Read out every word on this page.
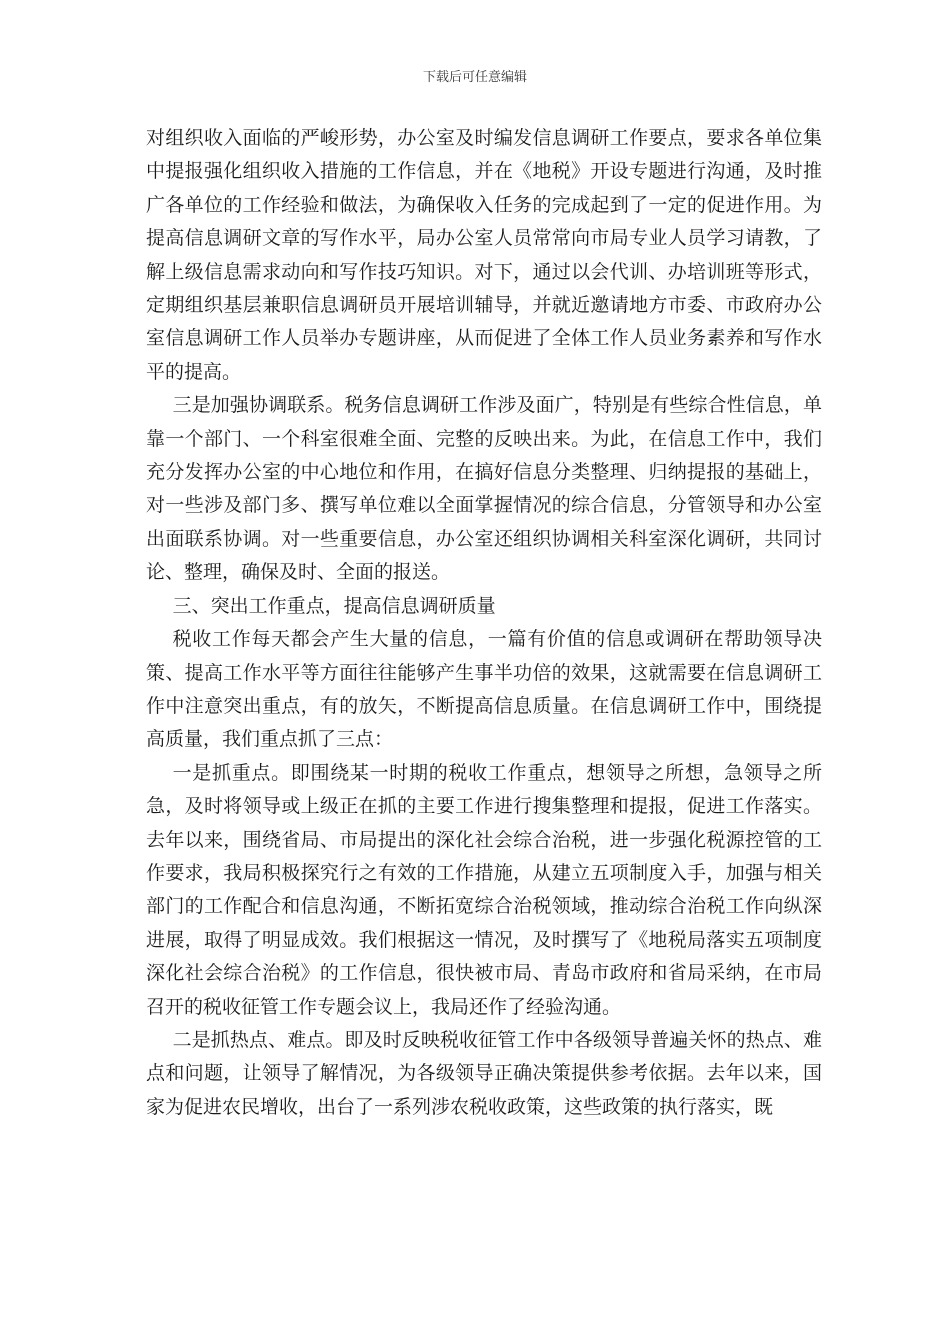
下载后可任意编辑

对组织收入面临的严峻形势，办公室及时编发信息调研工作要点，要求各单位集中提报强化组织收入措施的工作信息，并在《地税》开设专题进行沟通，及时推广各单位的工作经验和做法，为确保收入任务的完成起到了一定的促进作用。为提高信息调研文章的写作水平，局办公室人员常常向市局专业人员学习请教，了解上级信息需求动向和写作技巧知识。对下，通过以会代训、办培训班等形式，定期组织基层兼职信息调研员开展培训辅导，并就近邀请地方市委、市政府办公室信息调研工作人员举办专题讲座，从而促进了全体工作人员业务素养和写作水平的提高。

三是加强协调联系。税务信息调研工作涉及面广，特别是有些综合性信息，单靠一个部门、一个科室很难全面、完整的反映出来。为此，在信息工作中，我们充分发挥办公室的中心地位和作用，在搞好信息分类整理、归纳提报的基础上，对一些涉及部门多、撰写单位难以全面掌握情况的综合信息，分管领导和办公室出面联系协调。对一些重要信息，办公室还组织协调相关科室深化调研，共同讨论、整理，确保及时、全面的报送。

三、突出工作重点，提高信息调研质量

税收工作每天都会产生大量的信息，一篇有价值的信息或调研在帮助领导决策、提高工作水平等方面往往能够产生事半功倍的效果，这就需要在信息调研工作中注意突出重点，有的放矢，不断提高信息质量。在信息调研工作中，围绕提高质量，我们重点抓了三点：

一是抓重点。即围绕某一时期的税收工作重点，想领导之所想，急领导之所急，及时将领导或上级正在抓的主要工作进行搜集整理和提报，促进工作落实。去年以来，围绕省局、市局提出的深化社会综合治税，进一步强化税源控管的工作要求，我局积极探究行之有效的工作措施，从建立五项制度入手，加强与相关部门的工作配合和信息沟通，不断拓宽综合治税领域，推动综合治税工作向纵深进展，取得了明显成效。我们根据这一情况，及时撰写了《地税局落实五项制度深化社会综合治税》的工作信息，很快被市局、青岛市政府和省局采纳，在市局召开的税收征管工作专题会议上，我局还作了经验沟通。

二是抓热点、难点。即及时反映税收征管工作中各级领导普遍关怀的热点、难点和问题，让领导了解情况，为各级领导正确决策提供参考依据。去年以来，国家为促进农民增收，出台了一系列涉农税收政策，这些政策的执行落实，既
